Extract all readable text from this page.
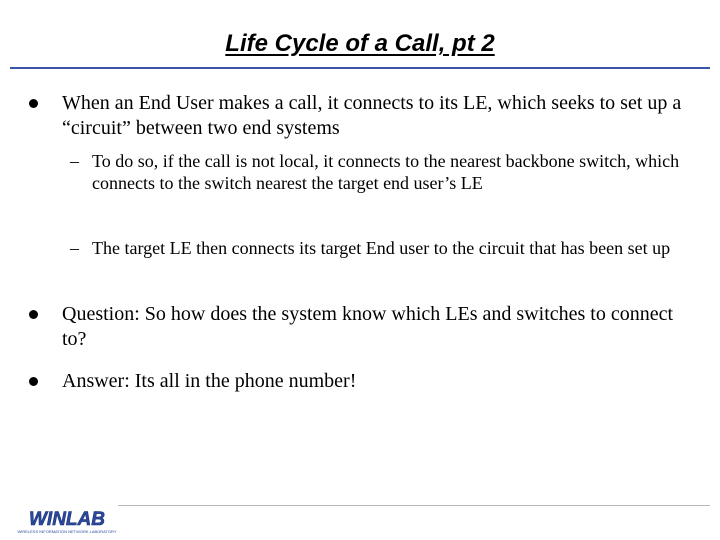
Life Cycle of a Call, pt 2
When an End User makes a call, it connects to its LE, which seeks to set up a “circuit” between two end systems
– To do so, if the call is not local, it connects to the nearest backbone switch, which connects to the switch nearest the target end user’s LE
– The target LE then connects its target End user to the circuit that has been set up
Question: So how does the system know which LEs and switches to connect to?
Answer: Its all in the phone number!
WINLAB
WIRELESS INFORMATION NETWORK LABORATORY
